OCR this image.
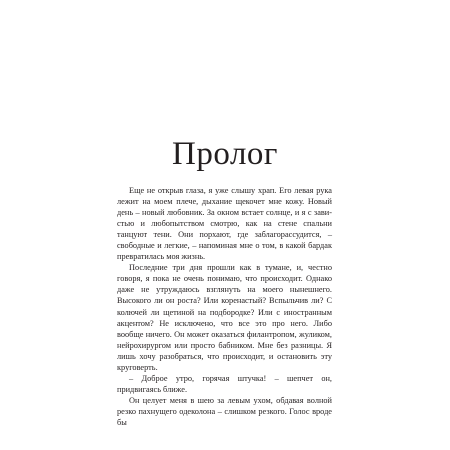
Пролог

Еще не открыв глаза, я уже слышу храп. Его левая рука лежит на моем плече, дыхание щекочет мне кожу. Новый день – новый любовник. За окном встает солнце, и я с завистью и любопытством смотрю, как на стене спальни танцуют тени. Они порхают, где заблагорассудится, – свободные и легкие, – напоминая мне о том, в какой бардак превратилась моя жизнь.

Последние три дня прошли как в тумане, и, честно говоря, я пока не очень понимаю, что происходит. Однако даже не утруждаюсь взглянуть на моего нынешнего. Высокого ли он роста? Или коренастый? Вспыльчив ли? С колючей ли щетиной на подбородке? Или с иностранным акцентом? Не исключено, что все это про него. Либо вообще ничего. Он может оказаться филантропом, жуликом, нейрохирургом или просто бабником. Мне без разницы. Я лишь хочу разобраться, что происходит, и остановить эту круговерть.

– Доброе утро, горячая штучка! – шепчет он, придвигаясь ближе.

Он целует меня в шею за левым ухом, обдавая волной резко пахнущего одеколона – слишком резкого. Голос вроде бы
